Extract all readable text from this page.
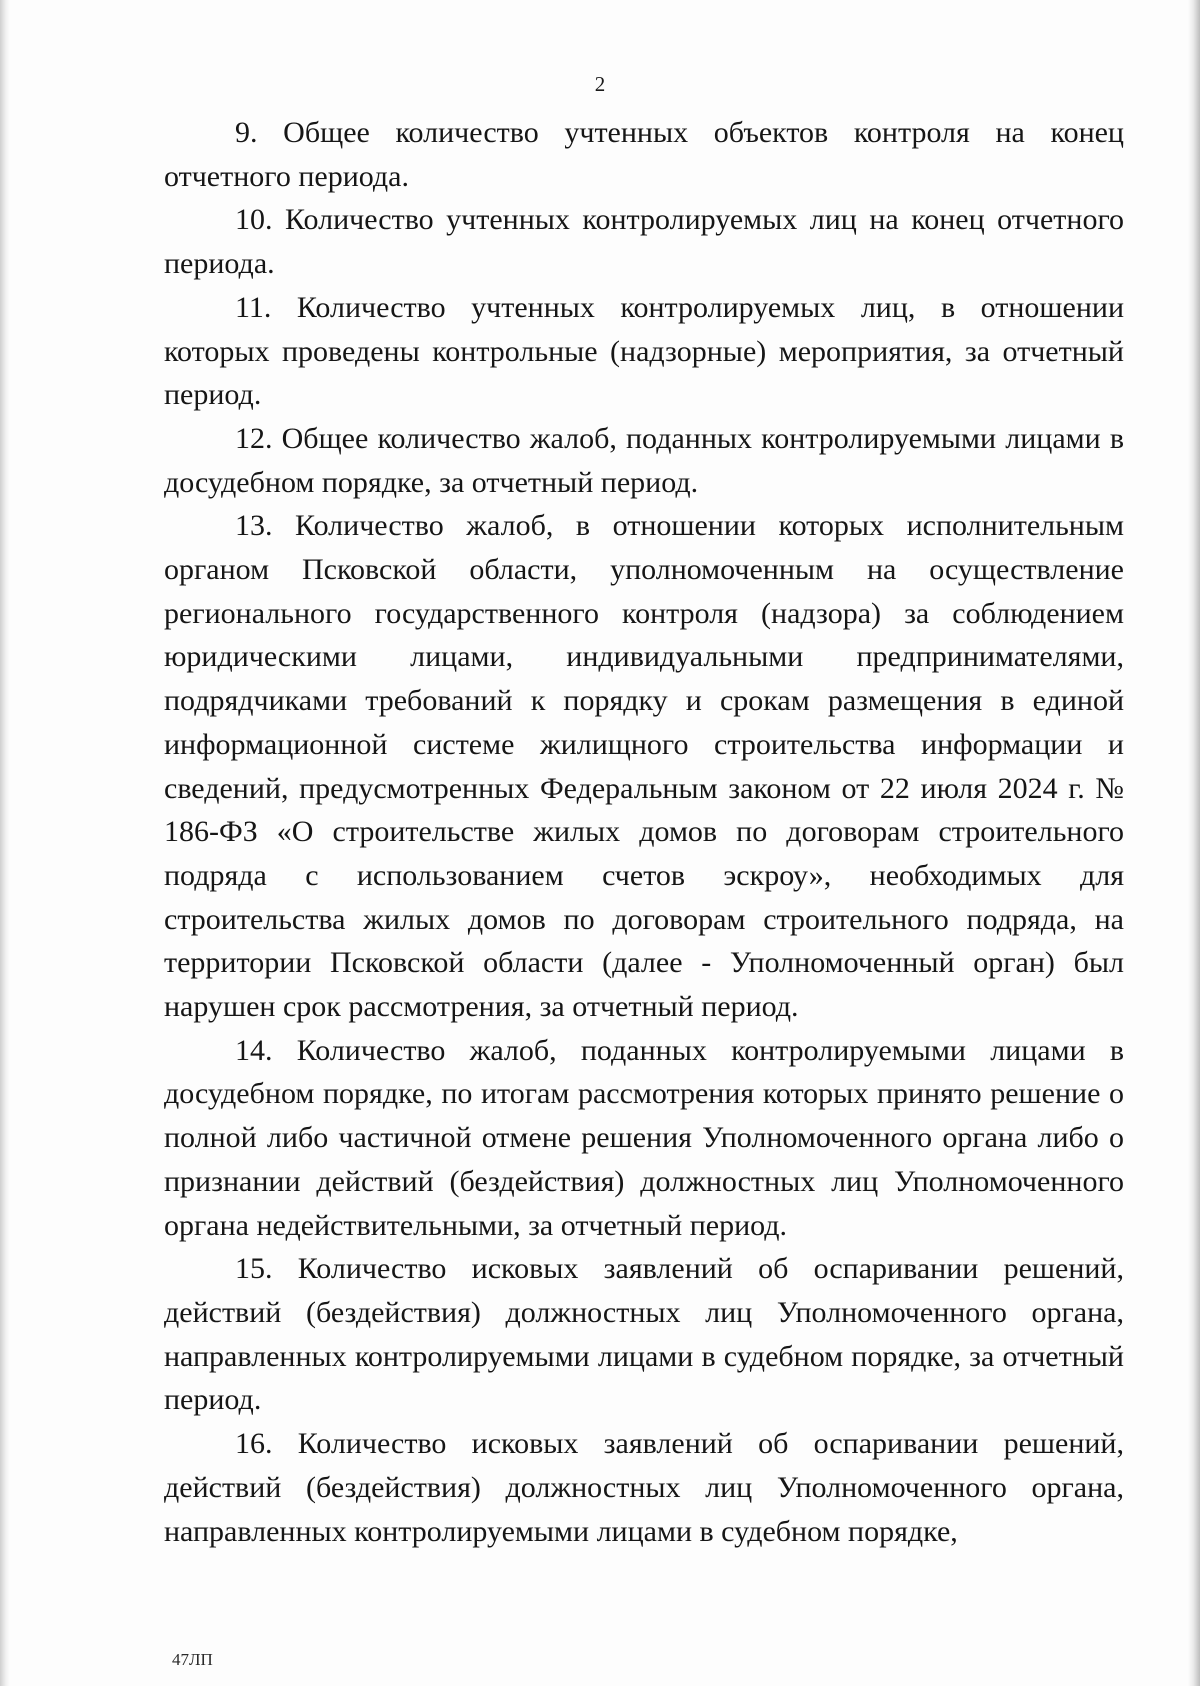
2

9. Общее количество учтенных объектов контроля на конец отчетного периода.

10. Количество учтенных контролируемых лиц на конец отчетного периода.

11. Количество учтенных контролируемых лиц, в отношении которых проведены контрольные (надзорные) мероприятия, за отчетный период.

12. Общее количество жалоб, поданных контролируемыми лицами в досудебном порядке, за отчетный период.

13. Количество жалоб, в отношении которых исполнительным органом Псковской области, уполномоченным на осуществление регионального государственного контроля (надзора) за соблюдением юридическими лицами, индивидуальными предпринимателями, подрядчиками требований к порядку и срокам размещения в единой информационной системе жилищного строительства информации и сведений, предусмотренных Федеральным законом от 22 июля 2024 г. № 186-ФЗ «О строительстве жилых домов по договорам строительного подряда с использованием счетов эскроу», необходимых для строительства жилых домов по договорам строительного подряда, на территории Псковской области (далее - Уполномоченный орган) был нарушен срок рассмотрения, за отчетный период.

14. Количество жалоб, поданных контролируемыми лицами в досудебном порядке, по итогам рассмотрения которых принято решение о полной либо частичной отмене решения Уполномоченного органа либо о признании действий (бездействия) должностных лиц Уполномоченного органа недействительными, за отчетный период.

15. Количество исковых заявлений об оспаривании решений, действий (бездействия) должностных лиц Уполномоченного органа, направленных контролируемыми лицами в судебном порядке, за отчетный период.

16. Количество исковых заявлений об оспаривании решений, действий (бездействия) должностных лиц Уполномоченного органа, направленных контролируемыми лицами в судебном порядке,

47ЛП
